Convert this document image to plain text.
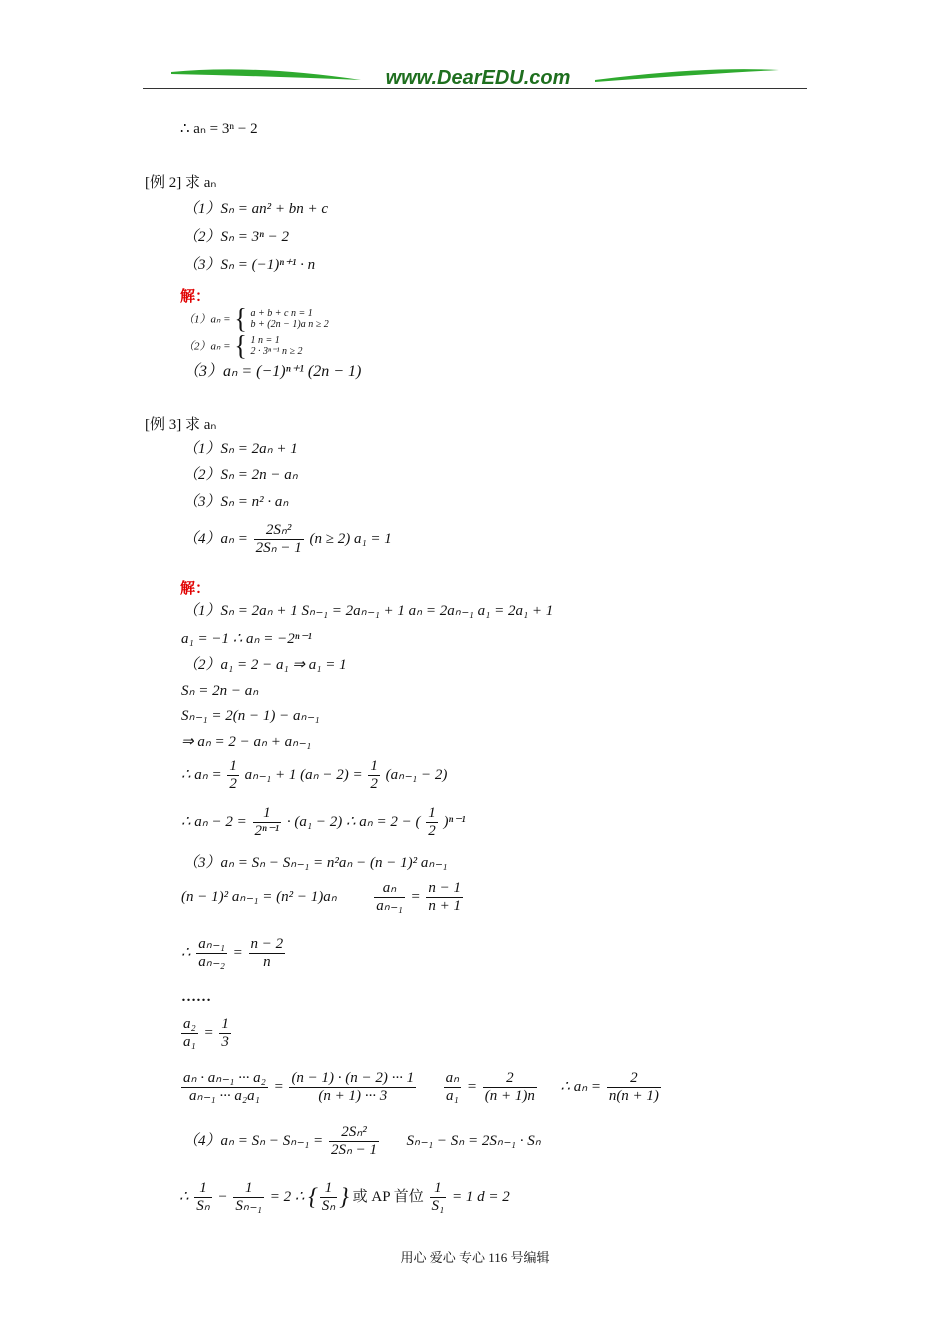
www.DearEDU.com
∴ aₙ = 3ⁿ − 2
[例 2] 求 aₙ
（1）Sₙ = an² + bn + c
（2）Sₙ = 3ⁿ − 2
（3）Sₙ = (−1)ⁿ⁺¹ · n
解：
（1）aₙ = { a + b + c n = 1
b + (2n − 1)a n ≥ 2
（2）aₙ = { 1 n = 1
2 · 3ⁿ⁻¹ n ≥ 2
（3）aₙ = (−1)ⁿ⁺¹ (2n − 1)
[例 3] 求 aₙ
（1）Sₙ = 2aₙ + 1
（2）Sₙ = 2n − aₙ
（3）Sₙ = n² · aₙ
$(4)a_n = \frac{\text{2Sₙ²}}{\text{2Sₙ − 1}} (n \ge 2) a_1 = 1$
解：
（1）Sₙ = 2aₙ + 1 Sₙ₋₁ = 2aₙ₋₁ + 1 aₙ = 2aₙ₋₁ a₁ = 2a₁ + 1
a₁ = −1 ∴ aₙ = −2ⁿ⁻¹
（2）a₁ = 2 − a₁ ⇒ a₁ = 1
Sₙ = 2n − aₙ
Sₙ₋₁ = 2(n − 1) − aₙ₋₁
⇒ aₙ = 2 − aₙ + aₙ₋₁
∴ $a_n = \frac{1}{2} a_{n-1} + 1$ $(a_n - 2) = \frac{1}{2} (a_{n-1} - 2)$
∴ $a_n - 2 = \frac{1}{\text{2ⁿ⁻¹}} \cdot (a_1 - 2)$ ∴ aₙ = 2 − ( $\frac{1}{2} )^{n-1}$
（3）aₙ = Sₙ − Sₙ₋₁ = n²aₙ − (n − 1)² aₙ₋₁
(n − 1)² aₙ₋₁ = (n² − 1)aₙ	$\frac{\text{aₙ}}{\text{aₙ₋₁}} = \frac{n - 1}{n + 1}$
∴ $\frac{\text{aₙ₋₁}}{\text{aₙ₋₂}} = \frac{n - 2}{n}$
……
$\frac{\text{a₂}}{\text{a₁}} = \frac{1}{3}$
$\frac{\text{aₙ · aₙ₋₁ ··· a₂}}{\text{aₙ₋₁ ··· a₂a₁}} = \frac{(n - 1) \cdot (n - 2) \cdot\cdot\cdot 1}{(n + 1) \cdot\cdot\cdot 3}$
$\frac{\text{aₙ}}{\text{a₁}} = \frac{2}{(n + 1)n}$ ∴ $a_n = \frac{2}{n(n + 1)}$
$(4)a_n = S_n - S_{n-1} = \frac{\text{2Sₙ²}}{\text{2Sₙ − 1}} S_{n-1} - S_n = 2S_{n-1} \cdot S_n$
∴ $\frac{1}{\text{Sₙ}} - \frac{1}{\text{Sₙ₋₁}} = 2$ ∴ { $\frac{1}{\text{Sₙ}}$ } 或 AP 首位 $\frac{1}{\text{S₁}} = 1$ d = 2
用心 爱心 专心 116 号编辑
